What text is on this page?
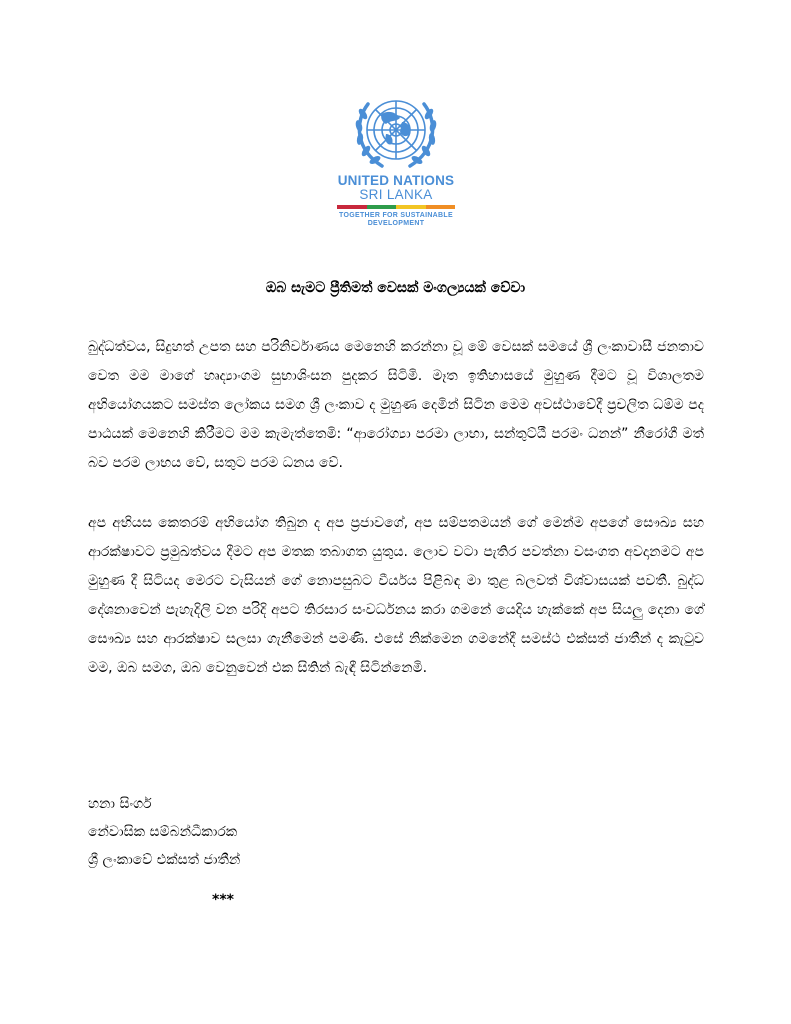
UNITED NATIONS
SRI LANKA
TOGETHER FOR SUSTAINABLE
DEVELOPMENT
ඔබ සැමට ප්‍රීතිමත් වෙසක් මංගල්‍යයක් වේවා

බුද්ධත්වය, සිදුහත් උපත සහ පරිනිර්වාණය මෙනෙහි කරන්නා වූ මේ වෙසක් සමයේ ශ්‍රී ලංකාවාසී ජනතාව වෙත මම මාගේ හෘද්‍යාංගම සුභාශිංසන පුදකර සිටිමි. මෑත ඉතිහාසයේ මුහුණ දීමට වූ විශාලතම අභියෝගයකට සමස්ත ලෝකය සමග ශ්‍රී ලංකාව ද මුහුණ දෙමින් සිටින මෙම අවස්ථාවේදී ප්‍රචලිත ධම්ම පද පාඨයක් මෙනෙහි කිරීමට මම කැමැත්තෙමි: “ආරෝග්‍යා පරමා ලාභා, සන්තුට්ඨී පරමං ධනන්” නීරෝගී මත් බව පරම ලාභය වේ, සතුට පරම ධනය වේ.

අප අභියස කෙතරම් අභියෝග තිබුන ද අප ප්‍රජාවගේ, අප සම්පතමයන් ගේ මෙන්ම අපගේ සෞඛ්‍ය සහ ආරක්ෂාවට ප්‍රමුඛත්වය දීමට අප මතක තබාගත යුතුය. ලොව වටා පැතිර පවත්නා වසංගත අවදානමට අප මුහුණ දී සිටියද මෙරට වැසියන් ගේ නොපසුබට වීර්යය පිළිබඳ මා තුළ බලවත් විශ්වාසයක් පවතී. බුද්ධ දේශනාවෙන් පැහැදිලි වන පරිදි අපට තිරසාර සංවර්ධනය කරා ගමනේ යෙදිය හැක්කේ අප සියලු දෙනා ගේ සෞඛ්‍ය සහ ආරක්ෂාව සලසා ගැනීමෙන් පමණි. එසේ නික්මෙන ගමනේදී සමස්ථ එක්සත් ජාතීන් ද කැටුව මම, ඔබ සමග, ඔබ වෙනුවෙන් එක සිතින් බැඳී සිටින්නෙමි.

හනා සිංගර්
නේවාසික සම්බන්ධීකාරක
ශ්‍රී ලංකාවේ එක්සත් ජාතීන්
***
